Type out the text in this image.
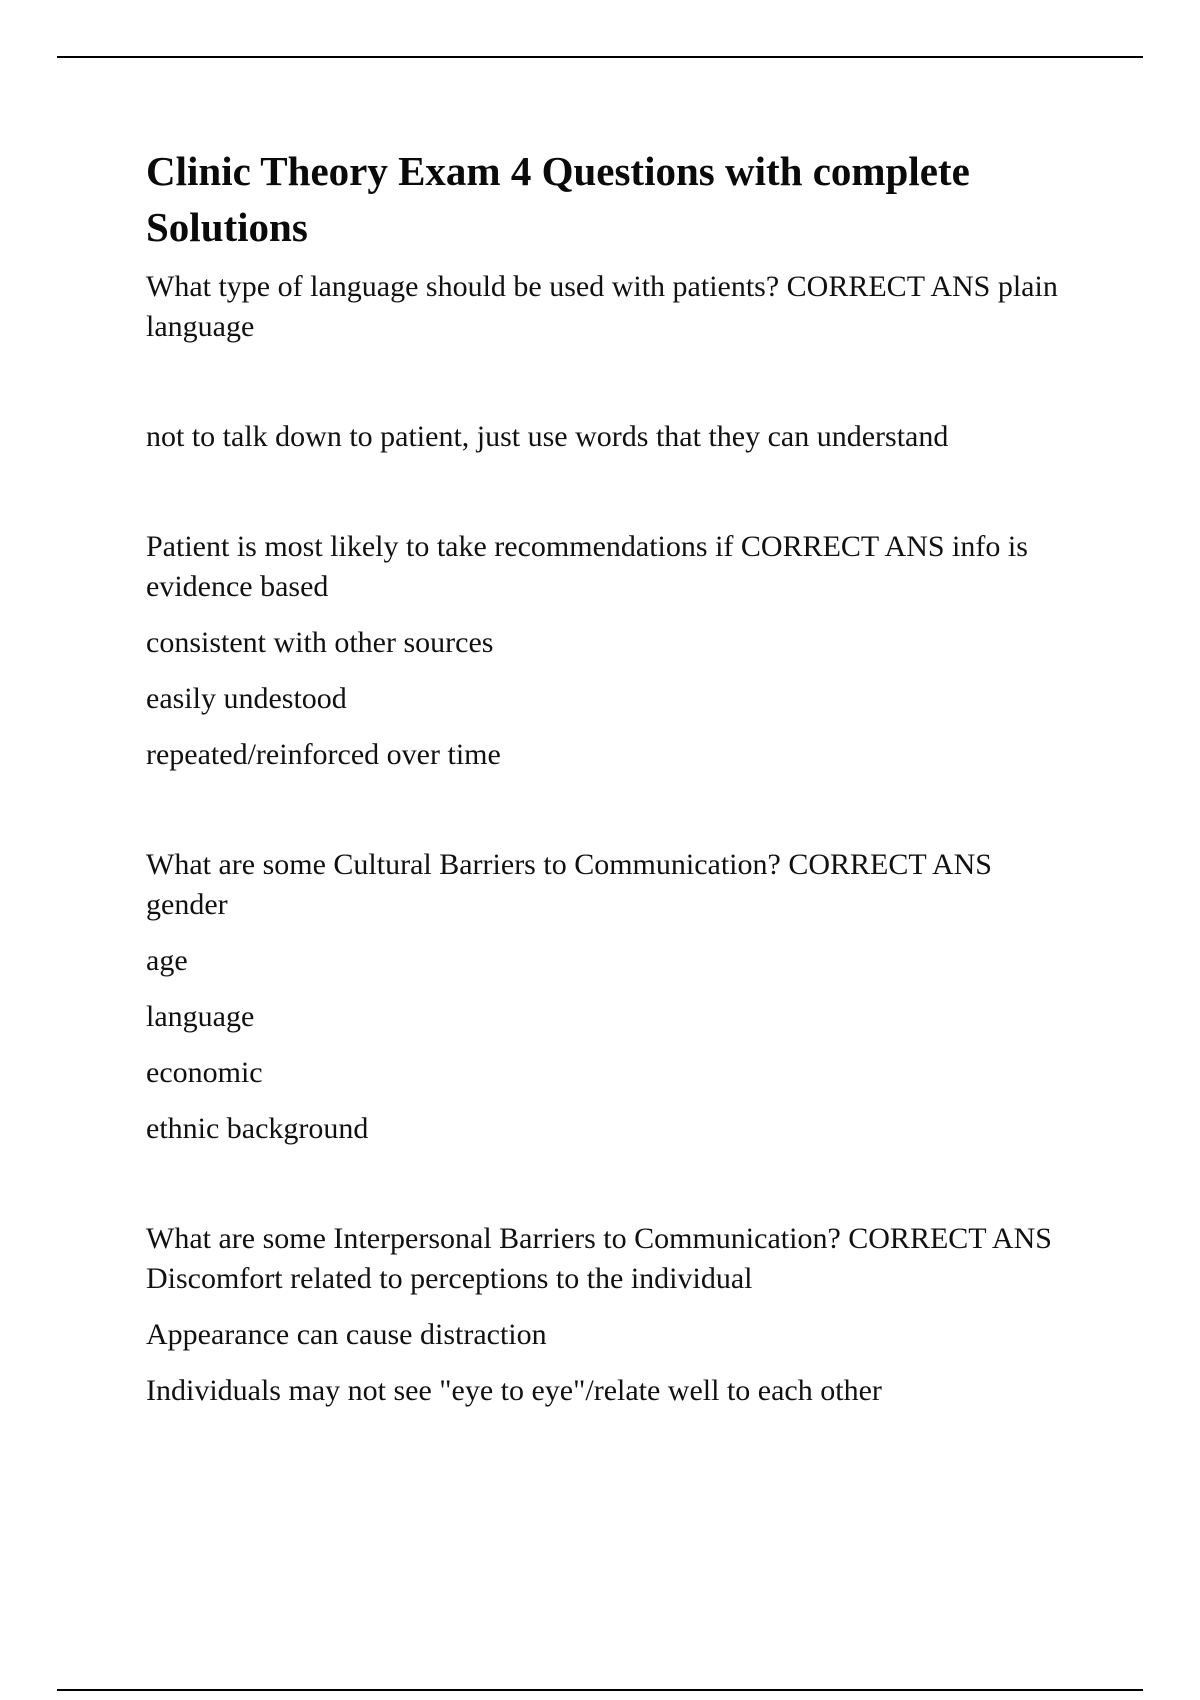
Clinic Theory Exam 4 Questions with complete Solutions

What type of language should be used with patients? CORRECT ANS plain language

not to talk down to patient, just use words that they can understand

Patient is most likely to take recommendations if CORRECT ANS info is evidence based

consistent with other sources

easily undestood

repeated/reinforced over time

What are some Cultural Barriers to Communication? CORRECT ANS gender

age

language

economic

ethnic background

What are some Interpersonal Barriers to Communication? CORRECT ANS Discomfort related to perceptions to the individual

Appearance can cause distraction

Individuals may not see "eye to eye"/relate well to each other
